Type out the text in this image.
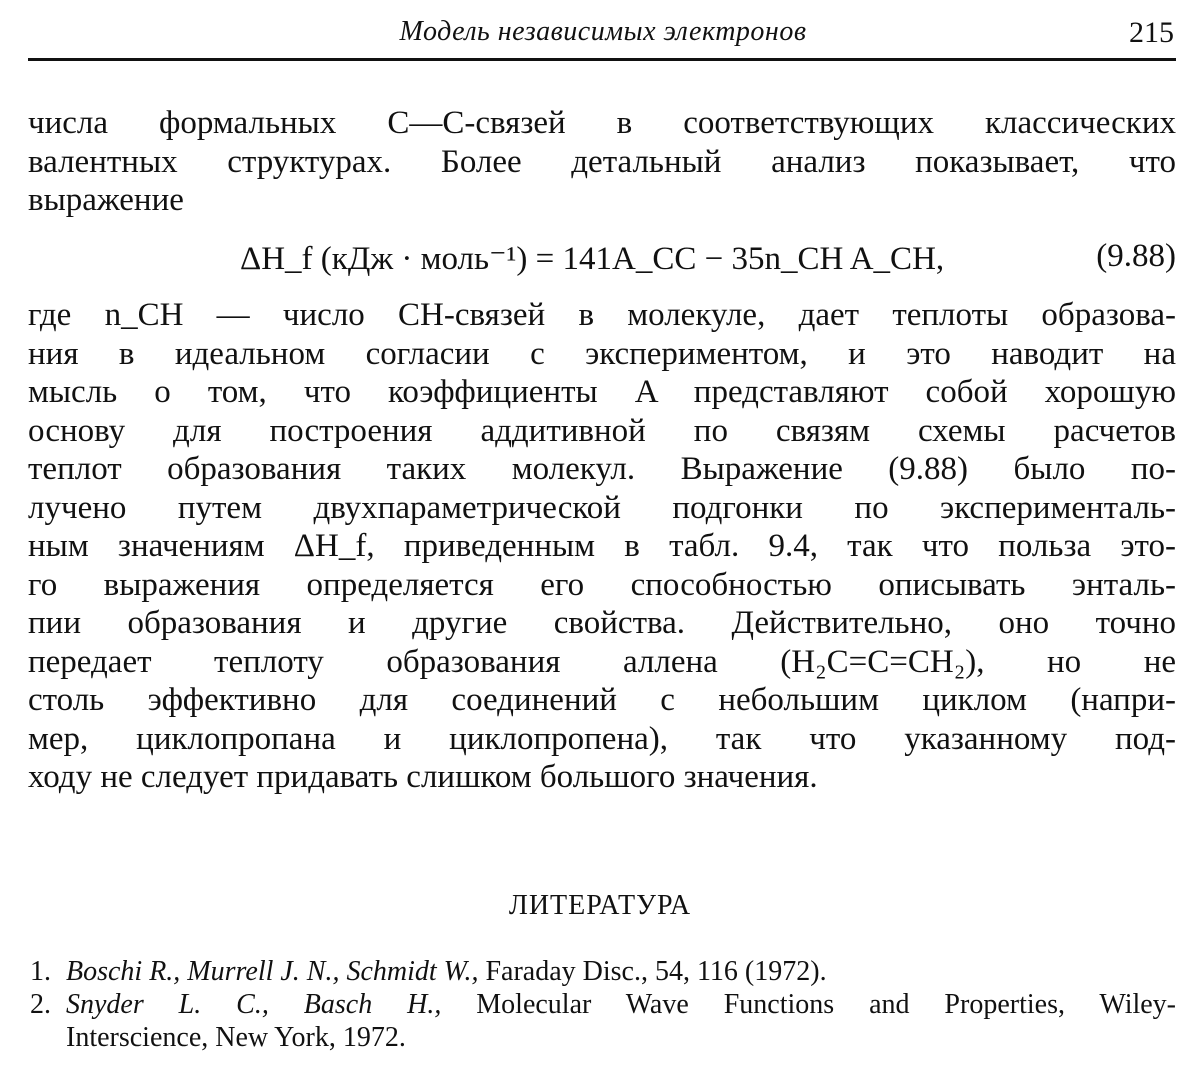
Модель независимых электронов	215
числа формальных С—С-связей в соответствующих классических
валентных структурах. Более детальный анализ показывает, что
выражение
ΔH_f (кДж · моль⁻¹) = 141A_CC − 35n_CH A_CH,	(9.88)
где n_CH — число СН-связей в молекуле, дает теплоты образова-
ния в идеальном согласии с экспериментом, и это наводит на
мысль о том, что коэффициенты A представляют собой хорошую
основу для построения аддитивной по связям схемы расчетов
теплот образования таких молекул. Выражение (9.88) было по-
лучено путем двухпараметрической подгонки по эксперименталь-
ным значениям ΔH_f, приведенным в табл. 9.4, так что польза это-
го выражения определяется его способностью описывать энталь-
пии образования и другие свойства. Действительно, оно точно
передает теплоту образования аллена (H₂C=C=CH₂), но не
столь эффективно для соединений с небольшим циклом (напри-
мер, циклопропана и циклопропена), так что указанному под-
ходу не следует придавать слишком большого значения.
ЛИТЕРАТУРА
1. Boschi R., Murrell J. N., Schmidt W., Faraday Disc., 54, 116 (1972).
2. Snyder L. C., Basch H., Molecular Wave Functions and Properties, Wiley-
Interscience, New York, 1972.
